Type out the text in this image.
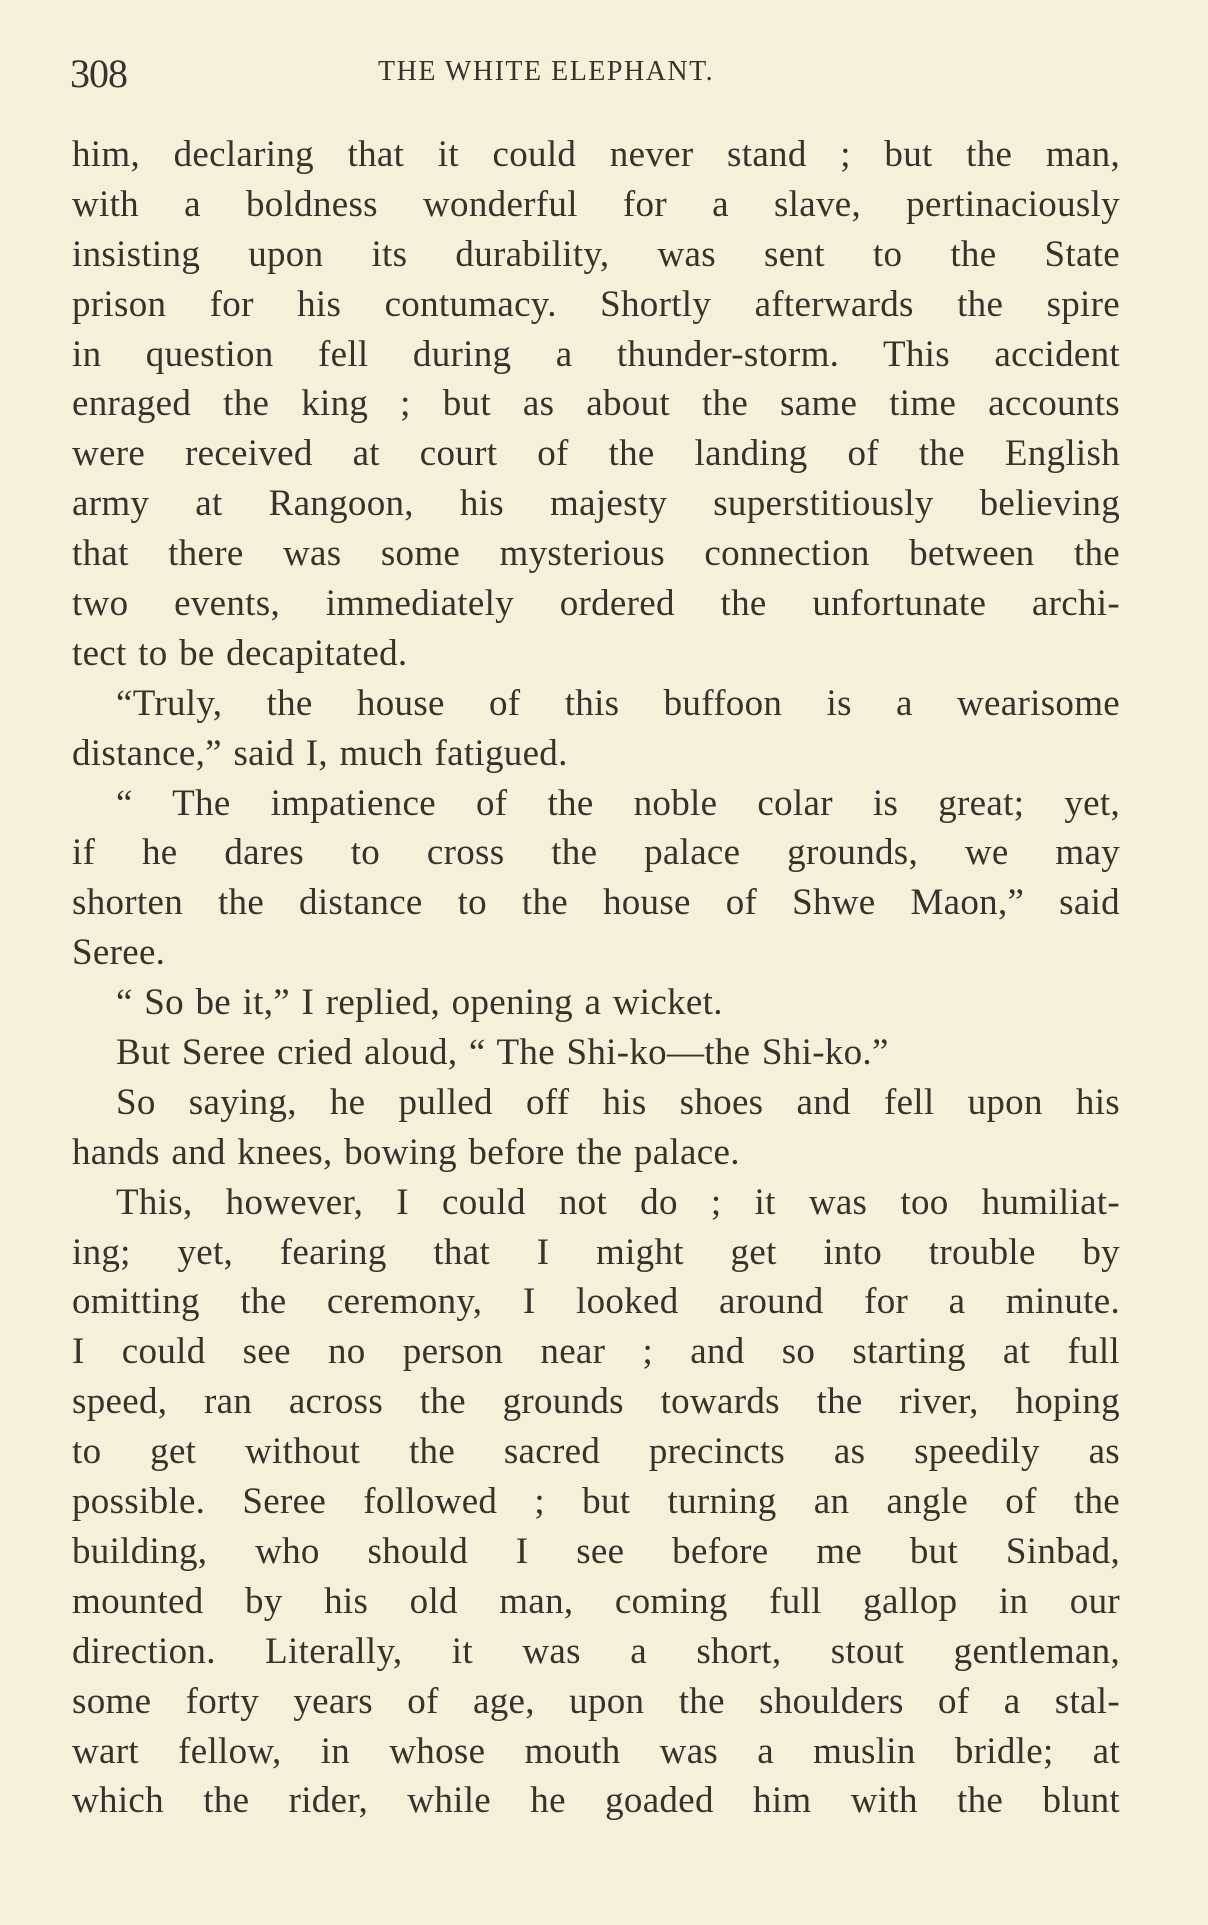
308	THE WHITE ELEPHANT.
him, declaring that it could never stand ; but the man,
with a boldness wonderful for a slave, pertinaciously
insisting upon its durability, was sent to the State
prison for his contumacy. Shortly afterwards the spire
in question fell during a thunder-storm. This accident
enraged the king ; but as about the same time accounts
were received at court of the landing of the English
army at Rangoon, his majesty superstitiously believing
that there was some mysterious connection between the
two events, immediately ordered the unfortunate archi-
tect to be decapitated.
“Truly, the house of this buffoon is a wearisome
distance,” said I, much fatigued.
“ The impatience of the noble colar is great; yet,
if he dares to cross the palace grounds, we may
shorten the distance to the house of Shwe Maon,” said
Seree.
“ So be it,” I replied, opening a wicket.
But Seree cried aloud, “ The Shi-ko—the Shi-ko.”
So saying, he pulled off his shoes and fell upon his
hands and knees, bowing before the palace.
This, however, I could not do ; it was too humiliat-
ing; yet, fearing that I might get into trouble by
omitting the ceremony, I looked around for a minute.
I could see no person near ; and so starting at full
speed, ran across the grounds towards the river, hoping
to get without the sacred precincts as speedily as
possible. Seree followed ; but turning an angle of the
building, who should I see before me but Sinbad,
mounted by his old man, coming full gallop in our
direction. Literally, it was a short, stout gentleman,
some forty years of age, upon the shoulders of a stal-
wart fellow, in whose mouth was a muslin bridle; at
which the rider, while he goaded him with the blunt
